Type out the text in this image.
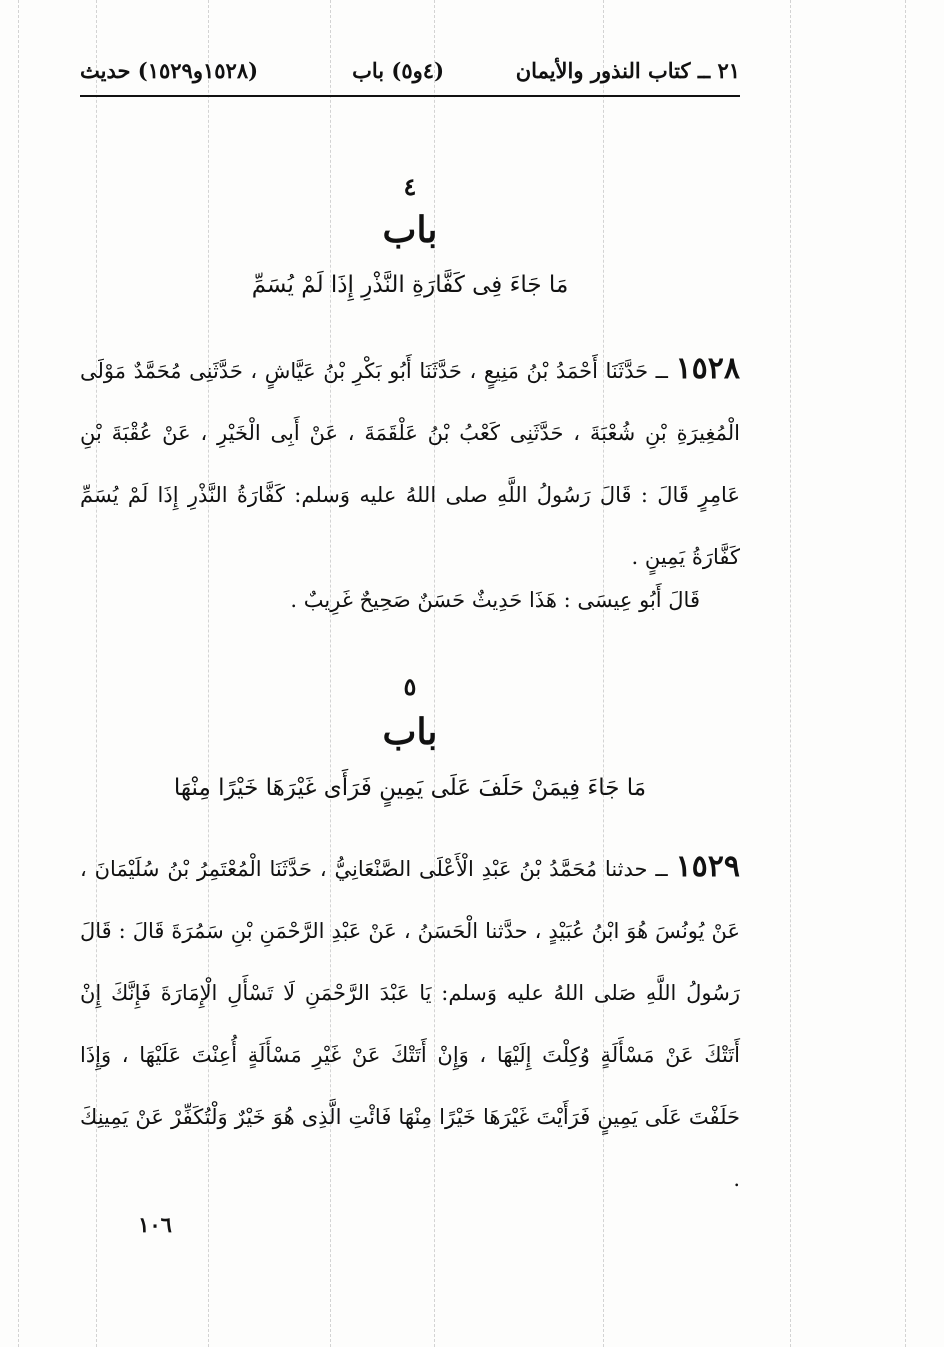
٢١ ــ كتاب النذور والأيمان
(٤و٥) باب
(١٥٢٨و١٥٢٩) حديث
٤
باب
مَا جَاءَ فِى كَفَّارَةِ النَّذْرِ إِذَا لَمْ يُسَمِّ

١٥٢٨ ــ حَدَّثَنَا أَحْمَدُ بْنُ مَنِيعٍ ، حَدَّثَنَا أَبُو بَكْرِ بْنُ عَيَّاشٍ ، حَدَّثَنِى مُحَمَّدٌ مَوْلَى الْمُغِيرَةِ بْنِ شُعْبَةَ ، حَدَّثَنِى كَعْبُ بْنُ عَلْقَمَةَ ، عَنْ أَبِى الْخَيْرِ ، عَنْ عُقْبَةَ بْنِ عَامِرٍ قَالَ : قَالَ رَسُولُ اللَّهِ صلى اللهُ عليه وَسلم: كَفَّارَةُ النَّذْرِ إِذَا لَمْ يُسَمِّ كَفَّارَةُ يَمِينٍ .

قَالَ أَبُو عِيسَى : هَذَا حَدِيثٌ حَسَنٌ صَحِيحٌ غَرِيبٌ .
٥
باب
مَا جَاءَ فِيمَنْ حَلَفَ عَلَى يَمِينٍ فَرَأَى غَيْرَهَا خَيْرًا مِنْهَا

١٥٢٩ ــ حدثنا مُحَمَّدُ بْنُ عَبْدِ الْأَعْلَى الصَّنْعَانِيُّ ، حَدَّثَنَا الْمُعْتَمِرُ بْنُ سُلَيْمَانَ ، عَنْ يُونُسَ هُوَ ابْنُ عُبَيْدٍ ، حدَّثنا الْحَسَنُ ، عَنْ عَبْدِ الرَّحْمَنِ بْنِ سَمُرَةَ قَالَ : قَالَ رَسُولُ اللَّهِ صَلى اللهُ عليه وَسلم: يَا عَبْدَ الرَّحْمَنِ لَا تَسْأَلِ الْإِمَارَةَ فَإِنَّكَ إِنْ أَتَتْكَ عَنْ مَسْأَلَةٍ وُكِلْتَ إِلَيْهَا ، وَإِنْ أَتَتْكَ عَنْ غَيْرِ مَسْأَلَةٍ أُعِنْتَ عَلَيْهَا ، وَإِذَا حَلَفْتَ عَلَى يَمِينٍ فَرَأَيْتَ غَيْرَهَا خَيْرًا مِنْهَا فَائْتِ الَّذِى هُوَ خَيْرٌ وَلْتُكَفِّرْ عَنْ يَمِينِكَ .

١٠٦
